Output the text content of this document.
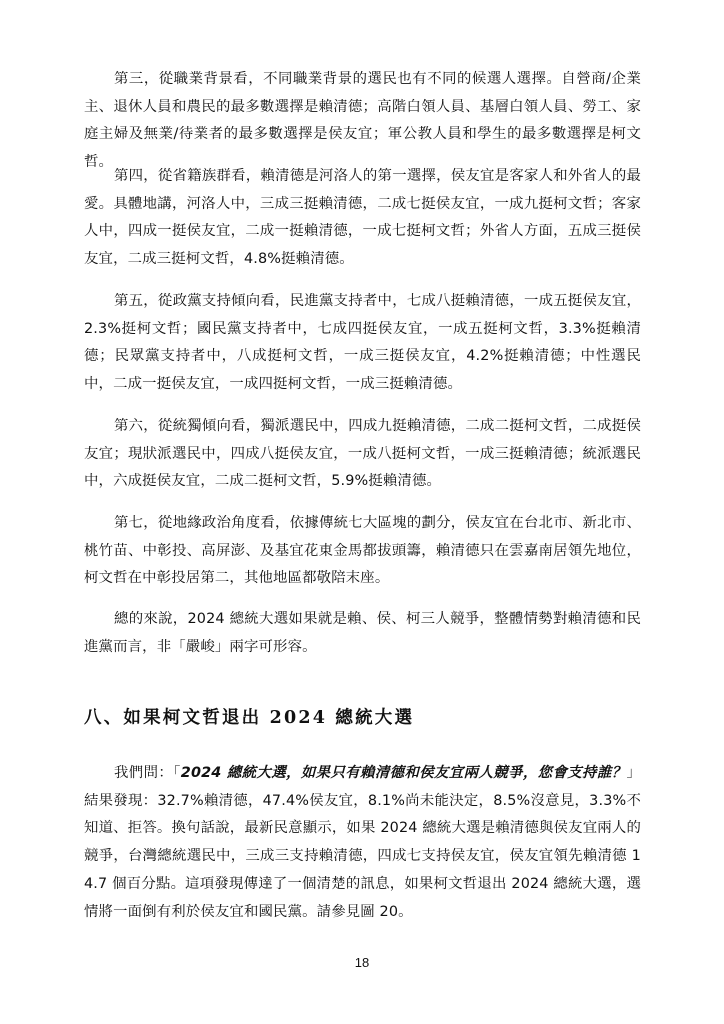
第三，從職業背景看，不同職業背景的選民也有不同的候選人選擇。自營商/企業主、退休人員和農民的最多數選擇是賴清德；高階白領人員、基層白領人員、勞工、家庭主婦及無業/待業者的最多數選擇是侯友宜；軍公教人員和學生的最多數選擇是柯文哲。

第四，從省籍族群看，賴清德是河洛人的第一選擇，侯友宜是客家人和外省人的最愛。具體地講，河洛人中，三成三挺賴清德，二成七挺侯友宜，一成九挺柯文哲；客家人中，四成一挺侯友宜，二成一挺賴清德，一成七挺柯文哲；外省人方面，五成三挺侯友宜，二成三挺柯文哲，4.8%挺賴清德。

第五，從政黨支持傾向看，民進黨支持者中，七成八挺賴清德，一成五挺侯友宜，2.3%挺柯文哲；國民黨支持者中，七成四挺侯友宜，一成五挺柯文哲，3.3%挺賴清德；民眾黨支持者中，八成挺柯文哲，一成三挺侯友宜，4.2%挺賴清德；中性選民中，二成一挺侯友宜，一成四挺柯文哲，一成三挺賴清德。

第六，從統獨傾向看，獨派選民中，四成九挺賴清德，二成二挺柯文哲，二成挺侯友宜；現狀派選民中，四成八挺侯友宜，一成八挺柯文哲，一成三挺賴清德；統派選民中，六成挺侯友宜，二成二挺柯文哲，5.9%挺賴清德。

第七，從地緣政治角度看，依據傳統七大區塊的劃分，侯友宜在台北市、新北市、桃竹苗、中彰投、高屏澎、及基宜花東金馬都拔頭籌，賴清德只在雲嘉南居領先地位，柯文哲在中彰投居第二，其他地區都敬陪末座。

總的來說，2024 總統大選如果就是賴、侯、柯三人競爭，整體情勢對賴清德和民進黨而言，非「嚴峻」兩字可形容。

八、如果柯文哲退出 2024 總統大選

我們問：「2024 總統大選，如果只有賴清德和侯友宜兩人競爭，您會支持誰？」結果發現：32.7%賴清德，47.4%侯友宜，8.1%尚未能決定，8.5%沒意見，3.3%不知道、拒答。換句話說，最新民意顯示，如果 2024 總統大選是賴清德與侯友宜兩人的競爭，台灣總統選民中，三成三支持賴清德，四成七支持侯友宜，侯友宜領先賴清德 14.7 個百分點。這項發現傳達了一個清楚的訊息，如果柯文哲退出 2024 總統大選，選情將一面倒有利於侯友宜和國民黨。請參見圖 20。

18
